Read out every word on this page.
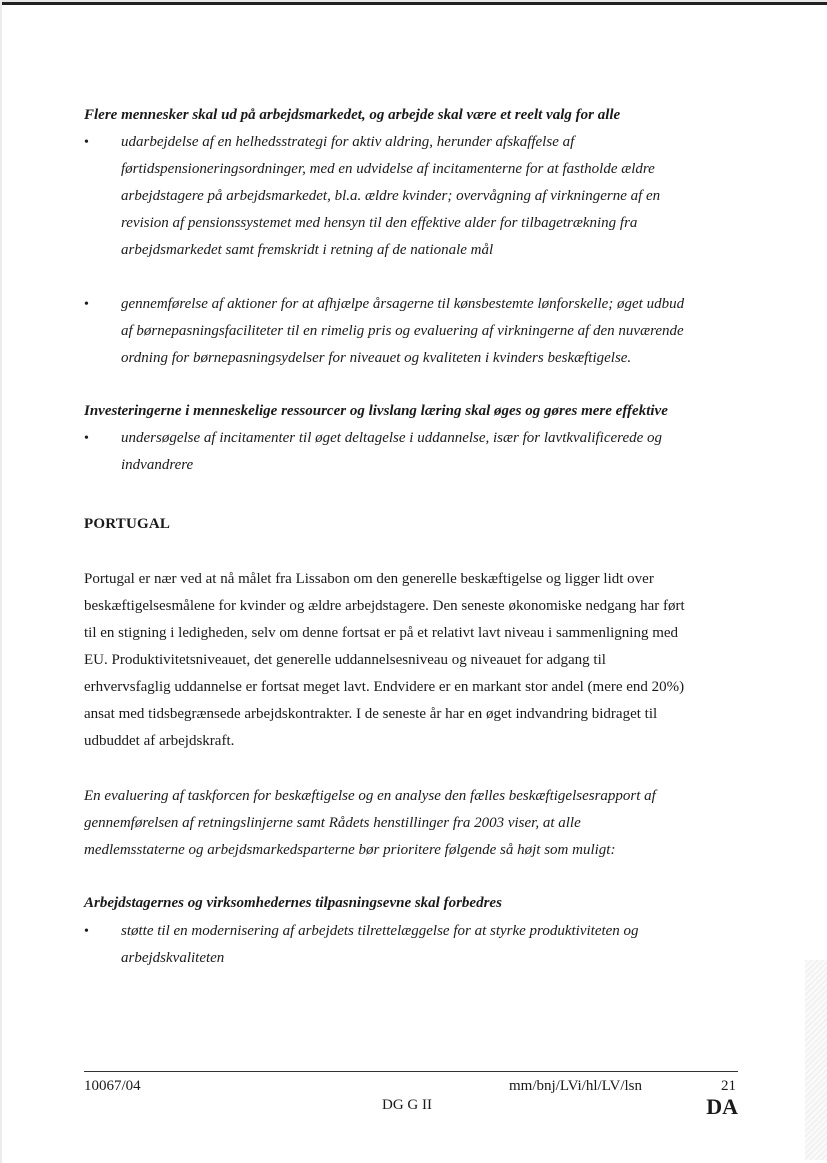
Flere mennesker skal ud på arbejdsmarkedet, og arbejde skal være et reelt valg for alle

• udarbejdelse af en helhedsstrategi for aktiv aldring, herunder afskaffelse af
førtidspensioneringsordninger, med en udvidelse af incitamenterne for at fastholde ældre
arbejdstagere på arbejdsmarkedet, bl.a. ældre kvinder; overvågning af virkningerne af en
revision af pensionssystemet med hensyn til den effektive alder for tilbagetrækning fra
arbejdsmarkedet samt fremskridt i retning af de nationale mål
• gennemførelse af aktioner for at afhjælpe årsagerne til kønsbestemte lønforskelle; øget udbud
af børnepasningsfaciliteter til en rimelig pris og evaluering af virkningerne af den nuværende
ordning for børnepasningsydelser for niveauet og kvaliteten i kvinders beskæftigelse.

Investeringerne i menneskelige ressourcer og livslang læring skal øges og gøres mere effektive

• undersøgelse af incitamenter til øget deltagelse i uddannelse, især for lavtkvalificerede og
indvandrere

PORTUGAL

Portugal er nær ved at nå målet fra Lissabon om den generelle beskæftigelse og ligger lidt over
beskæftigelsesmålene for kvinder og ældre arbejdstagere. Den seneste økonomiske nedgang har ført
til en stigning i ledigheden, selv om denne fortsat er på et relativt lavt niveau i sammenligning med
EU. Produktivitetsniveauet, det generelle uddannelsesniveau og niveauet for adgang til
erhvervsfaglig uddannelse er fortsat meget lavt. Endvidere er en markant stor andel (mere end 20%)
ansat med tidsbegrænsede arbejdskontrakter. I de seneste år har en øget indvandring bidraget til
udbuddet af arbejdskraft.

En evaluering af taskforcen for beskæftigelse og en analyse den fælles beskæftigelsesrapport af
gennemførelsen af retningslinjerne samt Rådets henstillinger fra 2003 viser, at alle
medlemsstaterne og arbejdsmarkedsparterne bør prioritere følgende så højt som muligt:

Arbejdstagernes og virksomhedernes tilpasningsevne skal forbedres

• støtte til en modernisering af arbejdets tilrettelæggelse for at styrke produktiviteten og
arbejdskvaliteten
10067/04	mm/bnj/LVi/hl/LV/lsn	21
DG G II	DA
